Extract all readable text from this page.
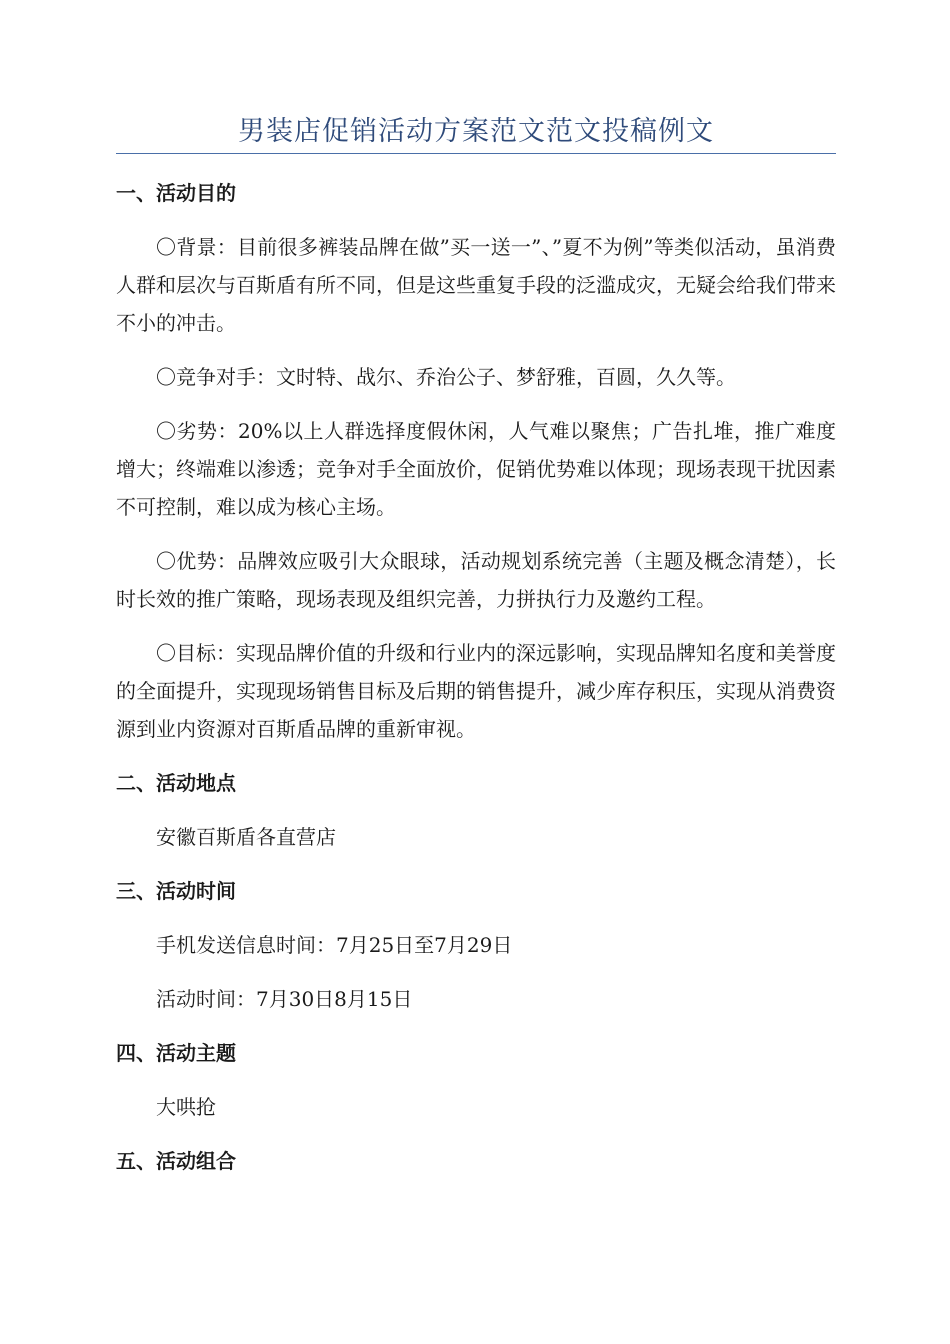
男装店促销活动方案范文范文投稿例文
一、活动目的

〇背景：目前很多裤装品牌在做”买一送一”、”夏不为例”等类似活动，虽消费人群和层次与百斯盾有所不同，但是这些重复手段的泛滥成灾，无疑会给我们带来不小的冲击。

〇竞争对手：文时特、战尔、乔治公子、梦舒雅，百圆，久久等。

〇劣势：20%以上人群选择度假休闲，人气难以聚焦；广告扎堆，推广难度增大；终端难以渗透；竞争对手全面放价，促销优势难以体现；现场表现干扰因素不可控制，难以成为核心主场。

〇优势：品牌效应吸引大众眼球，活动规划系统完善（主题及概念清楚），长时长效的推广策略，现场表现及组织完善，力拼执行力及邀约工程。

〇目标：实现品牌价值的升级和行业内的深远影响，实现品牌知名度和美誉度的全面提升，实现现场销售目标及后期的销售提升，减少库存积压，实现从消费资源到业内资源对百斯盾品牌的重新审视。

二、活动地点

安徽百斯盾各直营店

三、活动时间

手机发送信息时间：7月25日至7月29日

活动时间：7月30日8月15日

四、活动主题

大哄抢

五、活动组合
